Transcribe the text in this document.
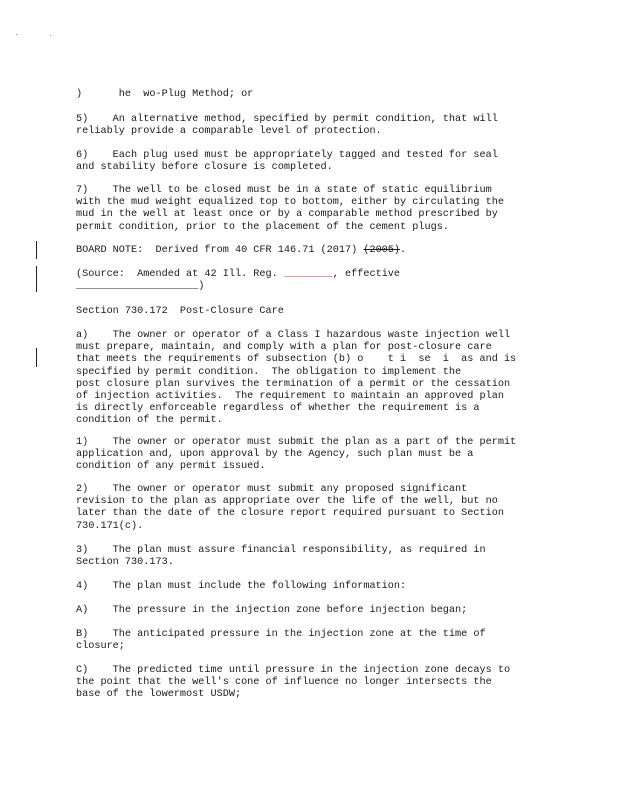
)      he  wo-Plug Method; or

5)    An alternative method, specified by permit condition, that will
reliably provide a comparable level of protection.

6)    Each plug used must be appropriately tagged and tested for seal
and stability before closure is completed.

7)    The well to be closed must be in a state of static equilibrium
with the mud weight equalized top to bottom, either by circulating the
mud in the well at least once or by a comparable method prescribed by
permit condition, prior to the placement of the cement plugs.

BOARD NOTE:  Derived from 40 CFR 146.71 (2017) (2005).

(Source:  Amended at 42 Ill. Reg. ________, effective
____________________)

Section 730.172  Post-Closure Care

a)    The owner or operator of a Class I hazardous waste injection well
must prepare, maintain, and comply with a plan for post-closure care
that meets the requirements of subsection (b) o    t i  se  i  as and is
specified by permit condition.  The obligation to implement the
post closure plan survives the termination of a permit or the cessation
of injection activities.  The requirement to maintain an approved plan
is directly enforceable regardless of whether the requirement is a
condition of the permit.

1)    The owner or operator must submit the plan as a part of the permit
application and, upon approval by the Agency, such plan must be a
condition of any permit issued.

2)    The owner or operator must submit any proposed significant
revision to the plan as appropriate over the life of the well, but no
later than the date of the closure report required pursuant to Section
730.171(c).

3)    The plan must assure financial responsibility, as required in
Section 730.173.

4)    The plan must include the following information:

A)    The pressure in the injection zone before injection began;

B)    The anticipated pressure in the injection zone at the time of
closure;

C)    The predicted time until pressure in the injection zone decays to
the point that the well's cone of influence no longer intersects the
base of the lowermost USDW;
